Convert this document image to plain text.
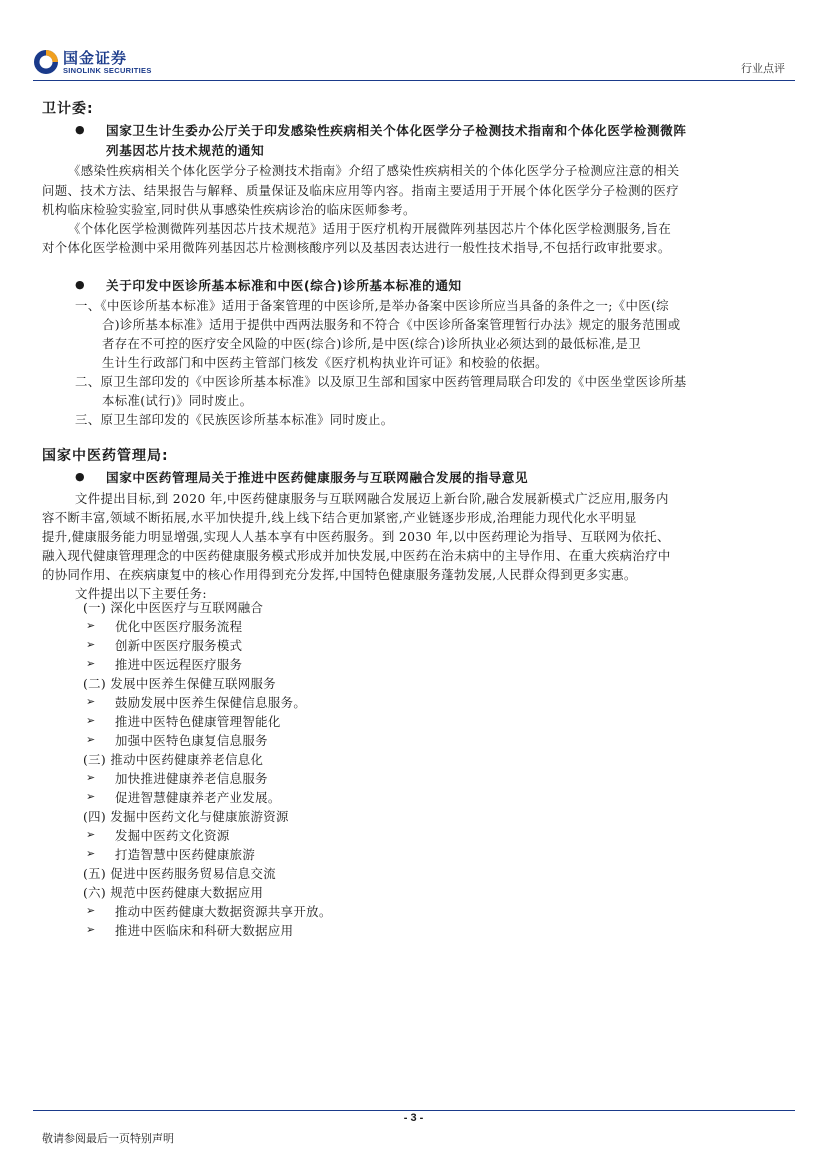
国金证券
SINOLINK SECURITIES	行业点评
卫计委:
● 国家卫生计生委办公厅关于印发感染性疾病相关个体化医学分子检测技术指南和个体化医学检测微阵
列基因芯片技术规范的通知
《感染性疾病相关个体化医学分子检测技术指南》介绍了感染性疾病相关的个体化医学分子检测应注意的相关
问题、技术方法、结果报告与解释、质量保证及临床应用等内容。指南主要适用于开展个体化医学分子检测的医疗
机构临床检验实验室,同时供从事感染性疾病诊治的临床医师参考。
《个体化医学检测微阵列基因芯片技术规范》适用于医疗机构开展微阵列基因芯片个体化医学检测服务,旨在
对个体化医学检测中采用微阵列基因芯片检测核酸序列以及基因表达进行一般性技术指导,不包括行政审批要求。
● 关于印发中医诊所基本标准和中医(综合)诊所基本标准的通知
一、《中医诊所基本标准》适用于备案管理的中医诊所,是举办备案中医诊所应当具备的条件之一;《中医(综
合)诊所基本标准》适用于提供中西两法服务和不符合《中医诊所备案管理暂行办法》规定的服务范围或
者存在不可控的医疗安全风险的中医(综合)诊所,是中医(综合)诊所执业必须达到的最低标准,是卫
生计生行政部门和中医药主管部门核发《医疗机构执业许可证》和校验的依据。
二、原卫生部印发的《中医诊所基本标准》以及原卫生部和国家中医药管理局联合印发的《中医坐堂医诊所基
本标准(试行)》同时废止。
三、原卫生部印发的《民族医诊所基本标准》同时废止。
国家中医药管理局:
● 国家中医药管理局关于推进中医药健康服务与互联网融合发展的指导意见
文件提出目标,到 2020 年,中医药健康服务与互联网融合发展迈上新台阶,融合发展新模式广泛应用,服务内
容不断丰富,领域不断拓展,水平加快提升,线上线下结合更加紧密,产业链逐步形成,治理能力现代化水平明显
提升,健康服务能力明显增强,实现人人基本享有中医药服务。到 2030 年,以中医药理论为指导、互联网为依托、
融入现代健康管理理念的中医药健康服务模式形成并加快发展,中医药在治未病中的主导作用、在重大疾病治疗中
的协同作用、在疾病康复中的核心作用得到充分发挥,中国特色健康服务蓬勃发展,人民群众得到更多实惠。
文件提出以下主要任务:
(一) 深化中医医疗与互联网融合
➢ 优化中医医疗服务流程
➢ 创新中医医疗服务模式
➢ 推进中医远程医疗服务
(二) 发展中医养生保健互联网服务
➢ 鼓励发展中医养生保健信息服务。
➢ 推进中医特色健康管理智能化
➢ 加强中医特色康复信息服务
(三) 推动中医药健康养老信息化
➢ 加快推进健康养老信息服务
➢ 促进智慧健康养老产业发展。
(四) 发掘中医药文化与健康旅游资源
➢ 发掘中医药文化资源
➢ 打造智慧中医药健康旅游
(五) 促进中医药服务贸易信息交流
(六) 规范中医药健康大数据应用
➢ 推动中医药健康大数据资源共享开放。
➢ 推进中医临床和科研大数据应用
- 3 -
敬请参阅最后一页特别声明
